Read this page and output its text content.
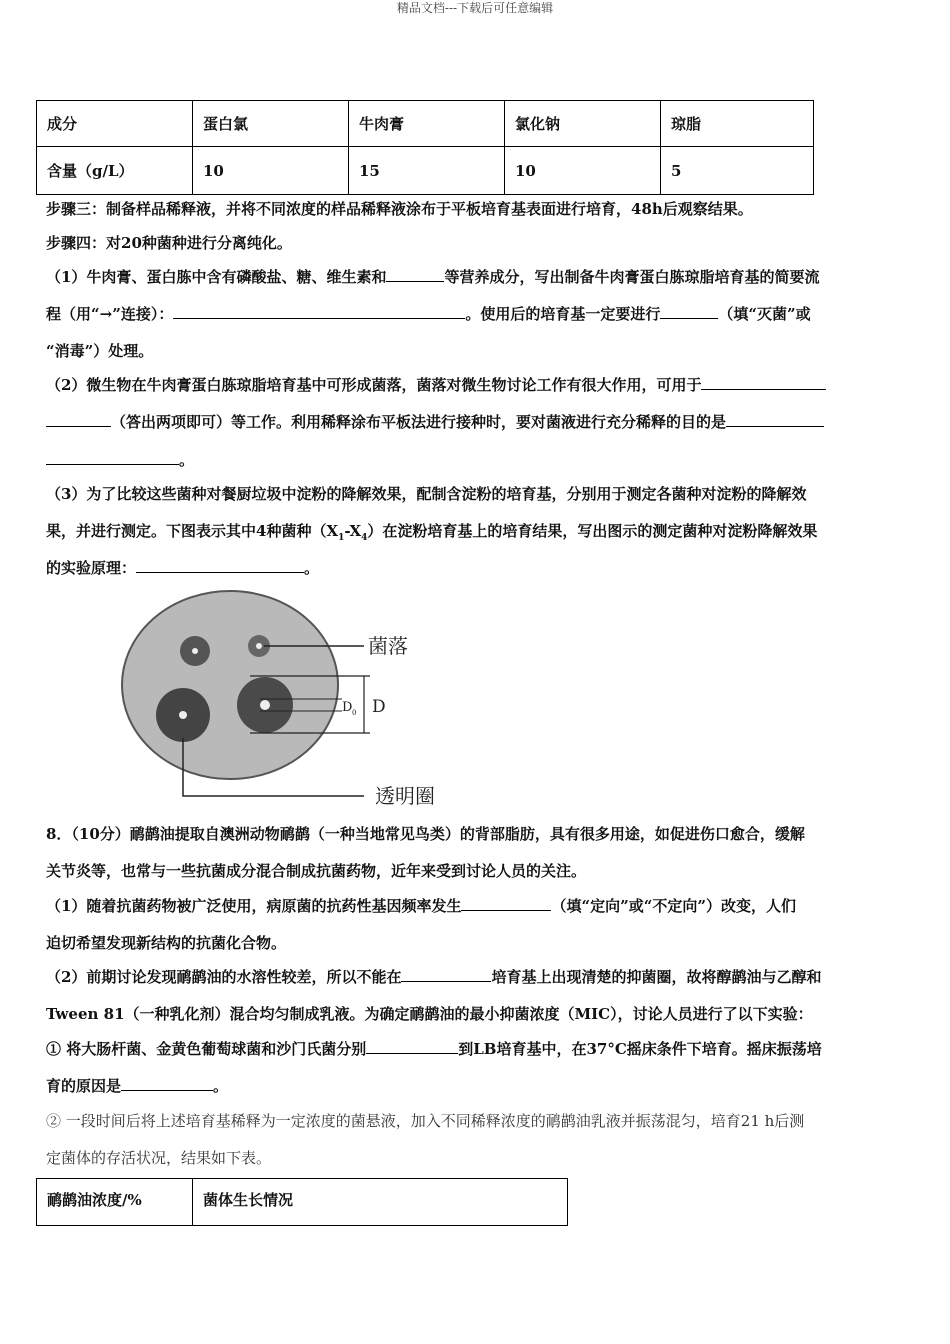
精品文档---下载后可任意编辑
成分	蛋白氯	牛肉膏	氯化钠	琼脂
含量（g/L）	10	15	10	5

步骤三：制备样品稀释液，并将不同浓度的样品稀释液涂布于平板培育基表面进行培育，48h后观察结果。

步骤四：对20种菌种进行分离纯化。

（1）牛肉膏、蛋白胨中含有磷酸盐、糖、维生素和	等营养成分，写出制备牛肉膏蛋白胨琼脂培育基的简要流

程（用“→”连接）：	。使用后的培育基一定要进行	（填“灭菌”或

“消毒”）处理。

（2）微生物在牛肉膏蛋白胨琼脂培育基中可形成菌落，菌落对微生物讨论工作有很大作用，可用于

（答出两项即可）等工作。利用稀释涂布平板法进行接种时，要对菌液进行充分稀释的目的是

。

（3）为了比较这些菌种对餐厨垃圾中淀粉的降解效果，配制含淀粉的培育基，分别用于测定各菌种对淀粉的降解效

果，并进行测定。下图表示其中4种菌种$(X_1-X_4)$在淀粉培育基上的培育结果，写出图示的测定菌种对淀粉降解效果

的实验原理：	。

菌落
D
D 0
透明圈

8．（10分）鸸鹋油提取自澳洲动物鸸鹋（一种当地常见鸟类）的背部脂肪，具有很多用途，如促进伤口愈合，缓解

关节炎等，也常与一些抗菌成分混合制成抗菌药物，近年来受到讨论人员的关注。

（1）随着抗菌药物被广泛使用，病原菌的抗药性基因频率发生	（填“定向”或“不定向”）改变，人们

迫切希望发现新结构的抗菌化合物。

（2）前期讨论发现鸸鹋油的水溶性较差，所以不能在	培育基上出现清楚的抑菌圈，故将醇鹋油与乙醇和

Tween 81（一种乳化剂）混合均匀制成乳液。为确定鸸鹋油的最小抑菌浓度（MIC），讨论人员进行了以下实验：

① 将大肠杆菌、金黄色葡萄球菌和沙门氏菌分别	到LB培育基中，在37°C摇床条件下培育。摇床振荡培

育的原因是	。

② 一段时间后将上述培育基稀释为一定浓度的菌悬液，加入不同稀释浓度的鸸鹋油乳液并振荡混匀，培育21 h后测

定菌体的存活状况，结果如下表。

鸸鹋油浓度/%	菌体生长情况
